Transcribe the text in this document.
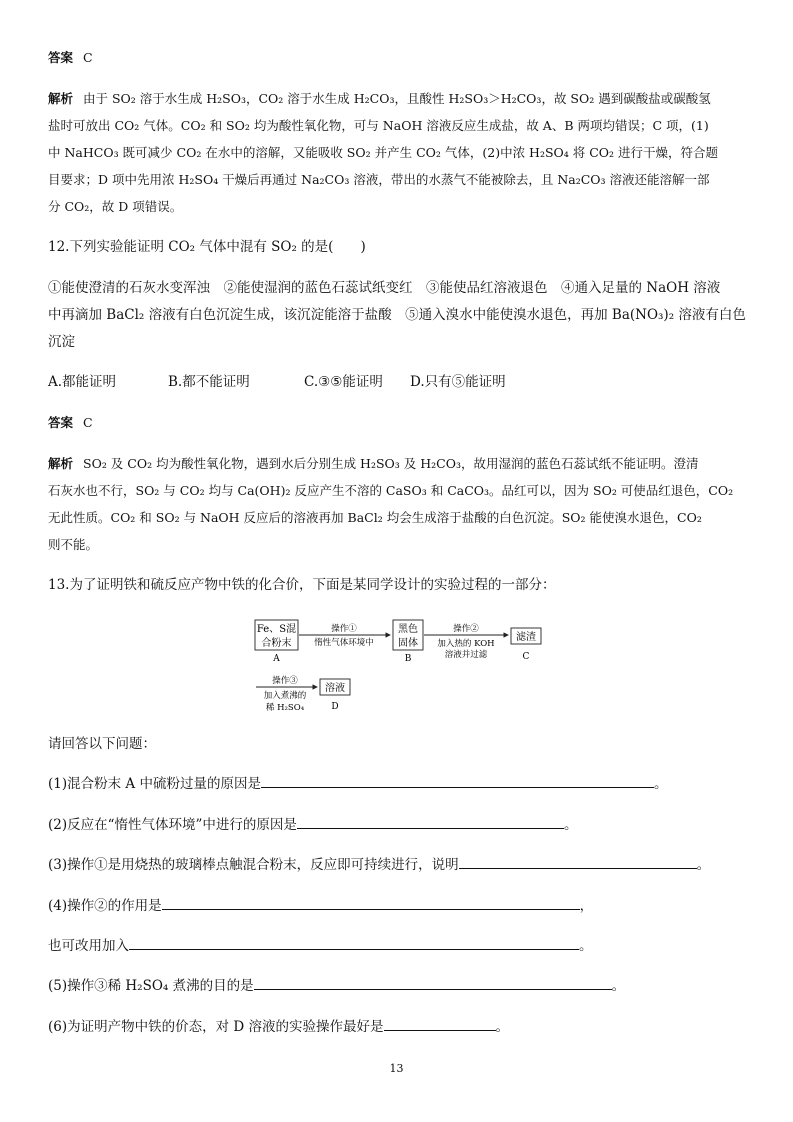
答案 C
解析 由于 SO₂ 溶于水生成 H₂SO₃，CO₂ 溶于水生成 H₂CO₃，且酸性 H₂SO₃＞H₂CO₃，故 SO₂ 遇到碳酸盐或碳酸氢
盐时可放出 CO₂ 气体。CO₂ 和 SO₂ 均为酸性氧化物，可与 NaOH 溶液反应生成盐，故 A、B 两项均错误；C 项，(1)
中 NaHCO₃ 既可减少 CO₂ 在水中的溶解，又能吸收 SO₂ 并产生 CO₂ 气体，(2)中浓 H₂SO₄ 将 CO₂ 进行干燥，符合题
目要求；D 项中先用浓 H₂SO₄ 干燥后再通过 Na₂CO₃ 溶液，带出的水蒸气不能被除去，且 Na₂CO₃ 溶液还能溶解一部
分 CO₂，故 D 项错误。
12.下列实验能证明 CO₂ 气体中混有 SO₂ 的是(　　)
①能使澄清的石灰水变浑浊　②能使湿润的蓝色石蕊试纸变红　③能使品红溶液退色　④通入足量的 NaOH 溶液
中再滴加 BaCl₂ 溶液有白色沉淀生成，该沉淀能溶于盐酸　⑤通入溴水中能使溴水退色，再加 Ba(NO₃)₂ 溶液有白色
沉淀
A.都能证明	B.都不能证明	C.③⑤能证明 D.只有⑤能证明
答案 C
解析 SO₂ 及 CO₂ 均为酸性氧化物，遇到水后分别生成 H₂SO₃ 及 H₂CO₃，故用湿润的蓝色石蕊试纸不能证明。澄清
石灰水也不行，SO₂ 与 CO₂ 均与 Ca(OH)₂ 反应产生不溶的 CaSO₃ 和 CaCO₃。品红可以，因为 SO₂ 可使品红退色，CO₂
无此性质。CO₂ 和 SO₂ 与 NaOH 反应后的溶液再加 BaCl₂ 均会生成溶于盐酸的白色沉淀。SO₂ 能使溴水退色，CO₂
则不能。
13.为了证明铁和硫反应产物中铁的化合价，下面是某同学设计的实验过程的一部分：
Fe、S混
合粉末
A
操作①
惰性气体环境中
黑色
固体
B
操作②
加入热的 KOH
溶液并过滤
滤渣
C
操作③
加入煮沸的
稀 H₂SO₄
溶液
D
请回答以下问题：
(1)混合粉末 A 中硫粉过量的原因是	。
(2)反应在“惰性气体环境”中进行的原因是	。
(3)操作①是用烧热的玻璃棒点触混合粉末，反应即可持续进行，说明	。
(4)操作②的作用是	，
也可改用加入	。
(5)操作③稀 H₂SO₄ 煮沸的目的是	。
(6)为证明产物中铁的价态，对 D 溶液的实验操作最好是	。
13
